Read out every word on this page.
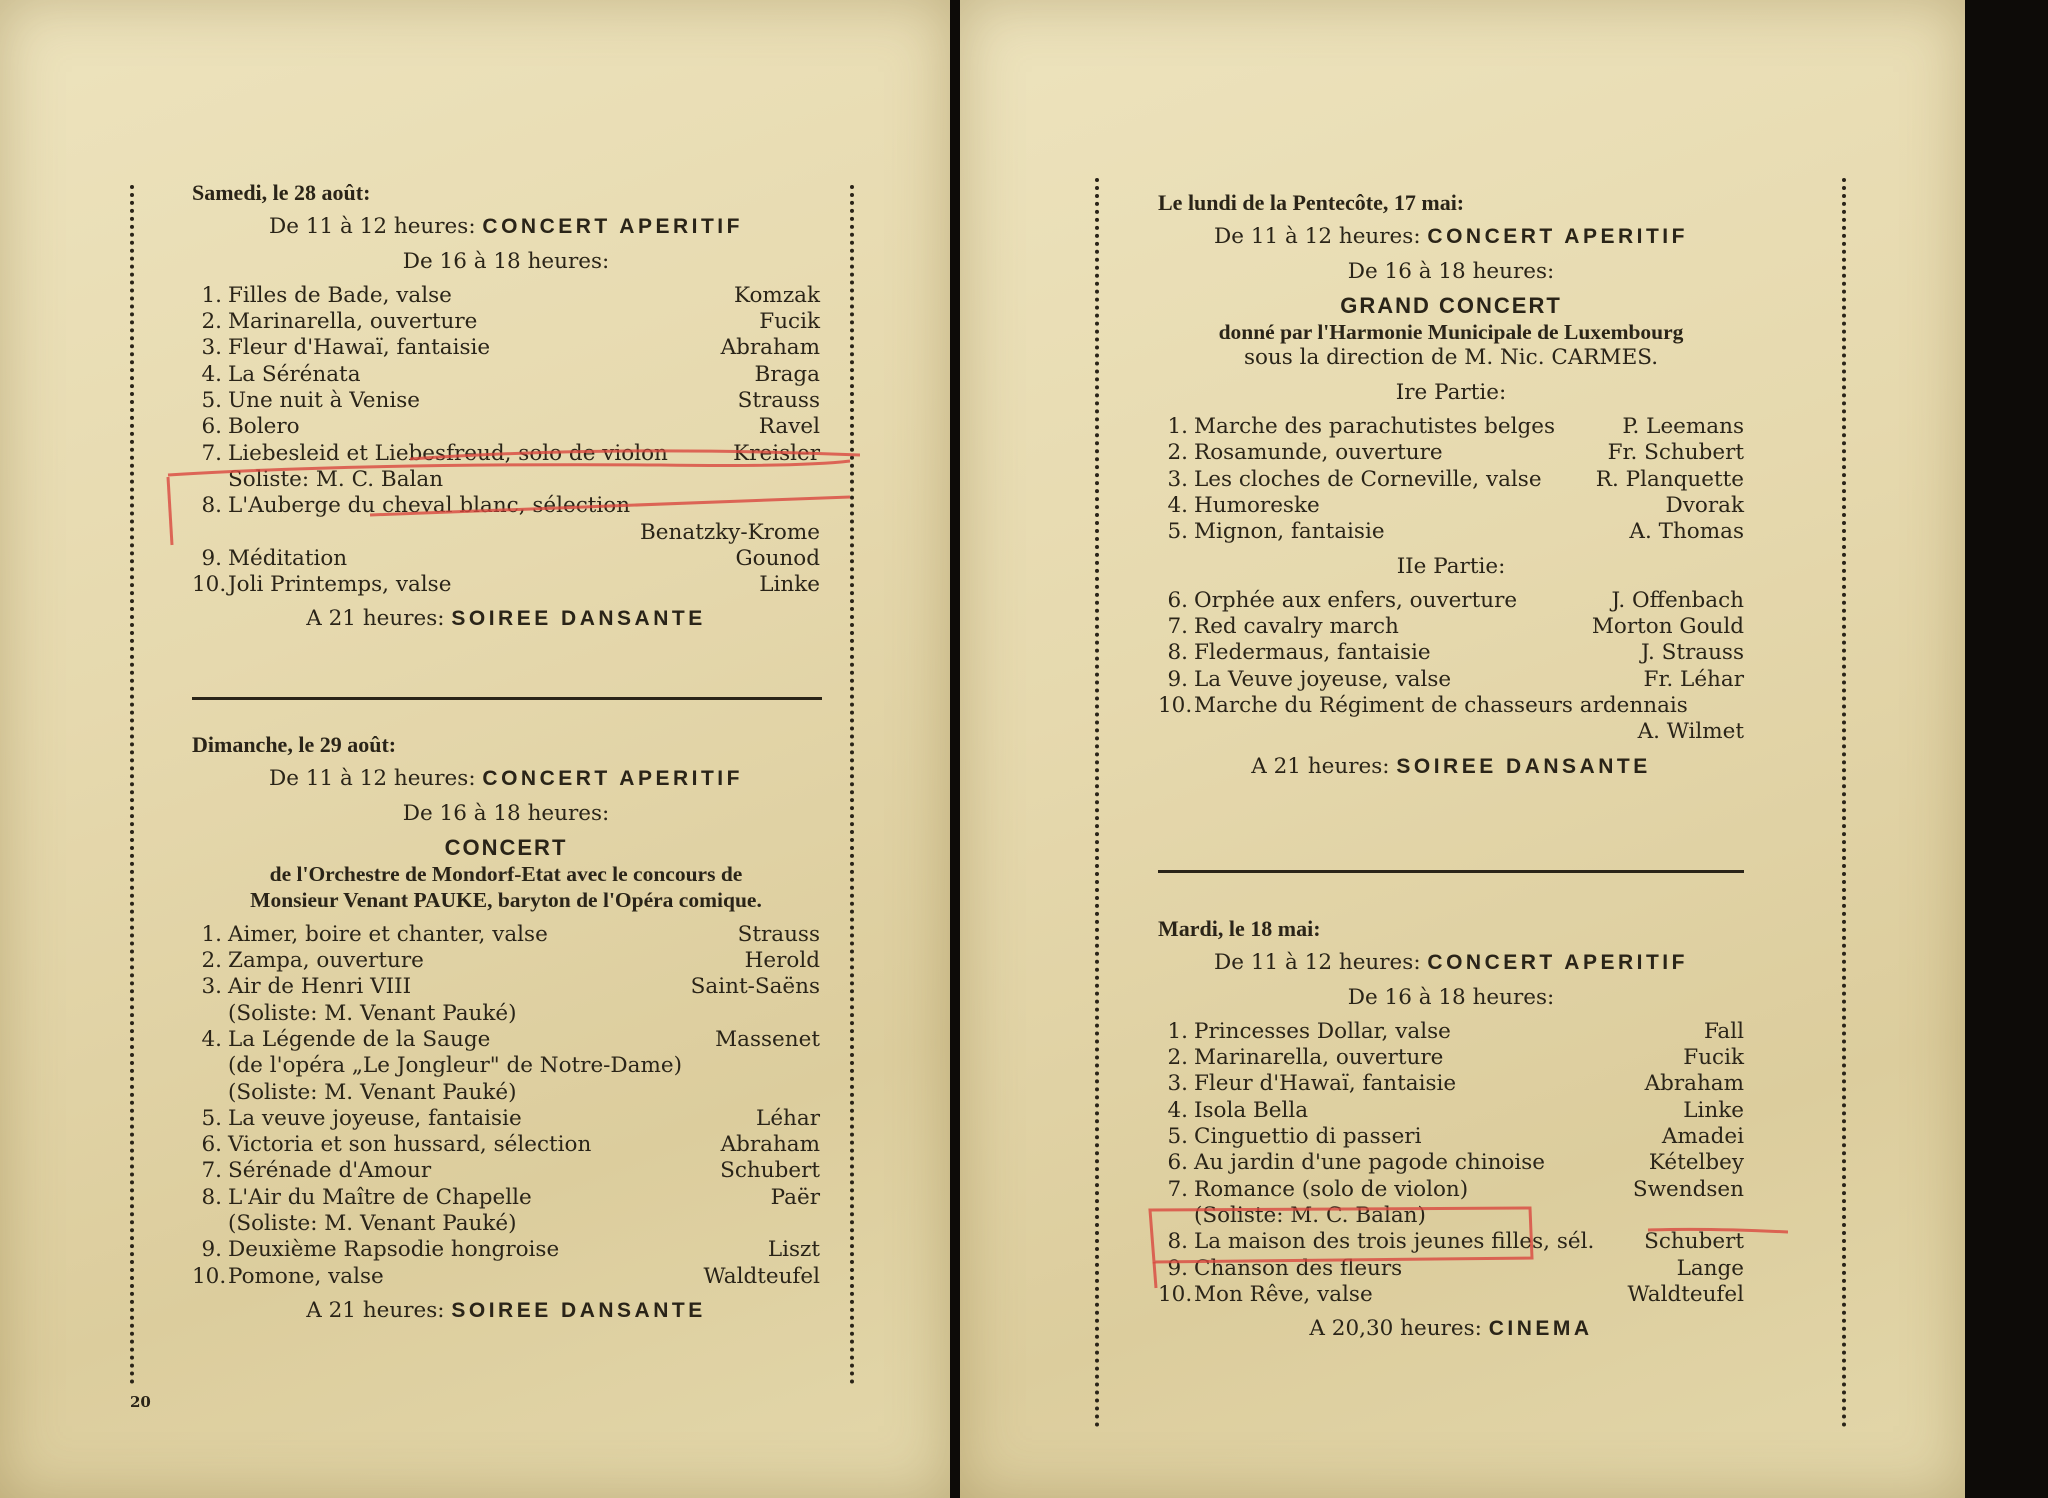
Samedi, le 28 août:
De 11 à 12 heures: CONCERT APERITIF
De 16 à 18 heures:
1. Filles de Bade, valse	Komzak
2. Marinarella, ouverture	Fucik
3. Fleur d'Hawaï, fantaisie	Abraham
4. La Sérénata	Braga
5. Une nuit à Venise	Strauss
6. Bolero	Ravel
7. Liebesleid et Liebesfreud, solo de violon	Kreisler
Soliste: M. C. Balan
8. L'Auberge du cheval blanc, sélection
Benatzky-Krome
9. Méditation	Gounod
10.Joli Printemps, valse	Linke
A 21 heures: SOIREE DANSANTE
Dimanche, le 29 août:
De 11 à 12 heures: CONCERT APERITIF
De 16 à 18 heures:
CONCERT
de l'Orchestre de Mondorf-Etat avec le concours de
Monsieur Venant PAUKE, baryton de l'Opéra comique.
1. Aimer, boire et chanter, valse	Strauss
2. Zampa, ouverture	Herold
3. Air de Henri VIII	Saint-Saëns
(Soliste: M. Venant Pauké)
4. La Légende de la Sauge	Massenet
(de l'opéra „Le Jongleur" de Notre-Dame)
(Soliste: M. Venant Pauké)
5. La veuve joyeuse, fantaisie	Léhar
6. Victoria et son hussard, sélection	Abraham
7. Sérénade d'Amour	Schubert
8. L'Air du Maître de Chapelle	Paër
(Soliste: M. Venant Pauké)
9. Deuxième Rapsodie hongroise	Liszt
10.Pomone, valse	Waldteufel
A 21 heures: SOIREE DANSANTE
20
Le lundi de la Pentecôte, 17 mai:
De 11 à 12 heures: CONCERT APERITIF
De 16 à 18 heures:
GRAND CONCERT
donné par l'Harmonie Municipale de Luxembourg
sous la direction de M. Nic. CARMES.
Ire Partie:
1. Marche des parachutistes belges	P. Leemans
2. Rosamunde, ouverture	Fr. Schubert
3. Les cloches de Corneville, valse	R. Planquette
4. Humoreske	Dvorak
5. Mignon, fantaisie	A. Thomas
IIe Partie:
6. Orphée aux enfers, ouverture	J. Offenbach
7. Red cavalry march	Morton Gould
8. Fledermaus, fantaisie	J. Strauss
9. La Veuve joyeuse, valse	Fr. Léhar
10.Marche du Régiment de chasseurs ardennais
A. Wilmet
A 21 heures: SOIREE DANSANTE
Mardi, le 18 mai:
De 11 à 12 heures: CONCERT APERITIF
De 16 à 18 heures:
1. Princesses Dollar, valse	Fall
2. Marinarella, ouverture	Fucik
3. Fleur d'Hawaï, fantaisie	Abraham
4. Isola Bella	Linke
5. Cinguettio di passeri	Amadei
6. Au jardin d'une pagode chinoise	Kételbey
7. Romance (solo de violon)	Swendsen
(Soliste: M. C. Balan)
8. La maison des trois jeunes filles, sél. Schubert
9. Chanson des fleurs	Lange
10.Mon Rêve, valse	Waldteufel
A 20,30 heures: CINEMA
